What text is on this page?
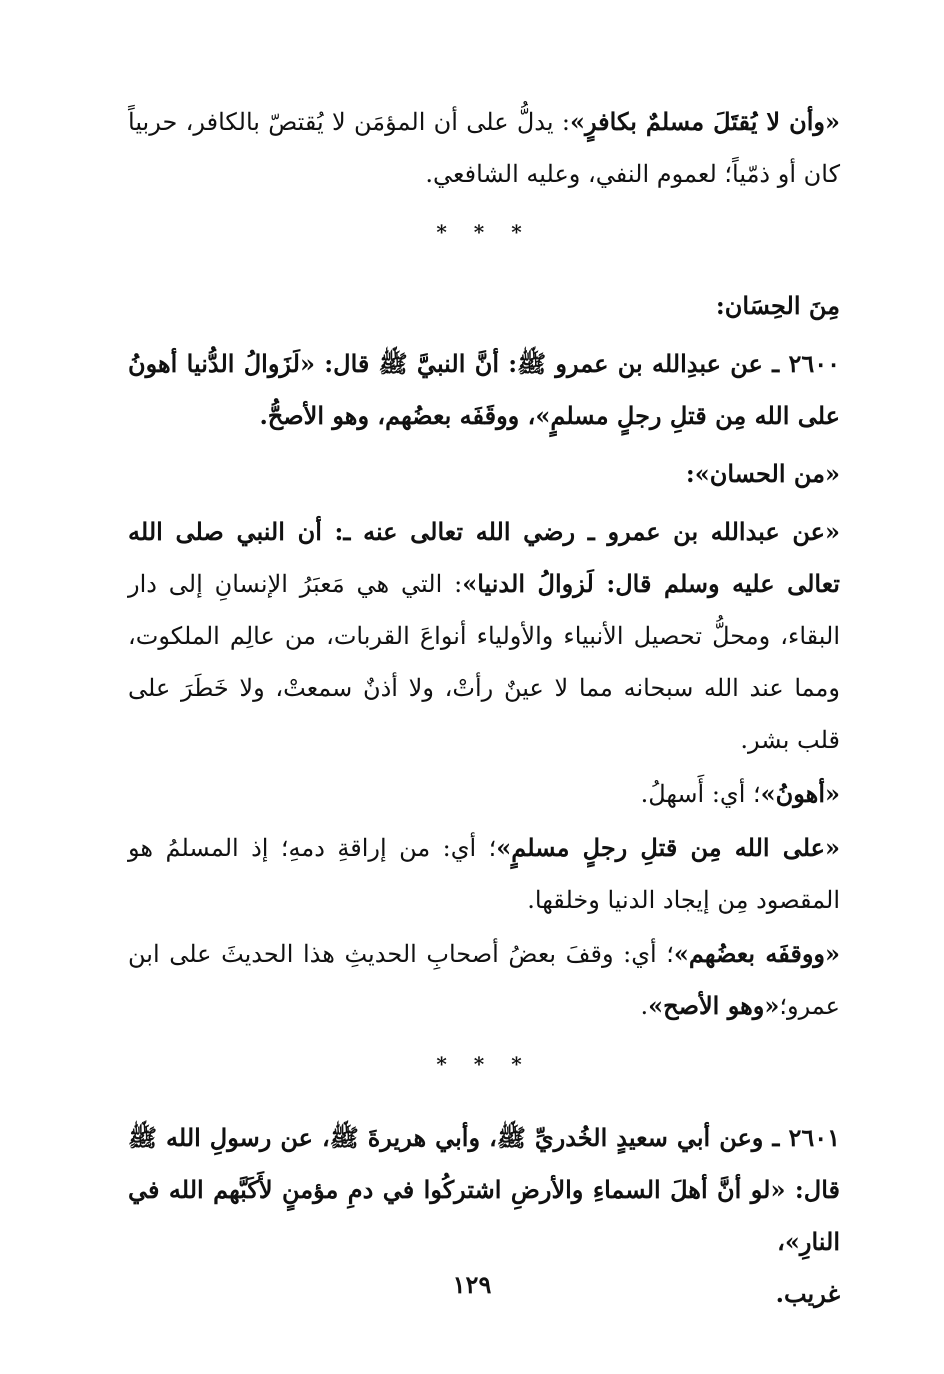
«وأن لا يُقتَلَ مسلمٌ بكافرٍ»: يدلُّ على أن المؤمَن لا يُقتصّ بالكافر، حربياً كان أو ذمّياً؛ لعموم النفي، وعليه الشافعي.

* * *

مِنَ الحِسَان:

٢٦٠٠ ـ عن عبدِالله بن عمرو ﷺ: أنَّ النبيَّ ﷺ قال: «لَزَوالُ الدُّنيا أهونُ على الله مِن قتلِ رجلٍ مسلمٍ»، ووقَفَه بعضُهم، وهو الأصحُّ.

«من الحسان»:

«عن عبدالله بن عمرو ـ رضي الله تعالى عنه ـ: أن النبي صلى الله تعالى عليه وسلم قال: لَزوالُ الدنيا»: التي هي مَعبَرُ الإنسانِ إلى دار البقاء، ومحلُّ تحصيل الأنبياء والأولياء أنواعَ القربات، من عالِم الملكوت، ومما عند الله سبحانه مما لا عينٌ رأتْ، ولا أذنٌ سمعتْ، ولا خَطَرَ على قلب بشر.

«أهونُ»؛ أي: أَسهلُ.

«على الله مِن قتلِ رجلٍ مسلمٍ»؛ أي: من إراقةِ دمهِ؛ إذ المسلمُ هو المقصود مِن إيجاد الدنيا وخلقها.

«ووقفَه بعضُهم»؛ أي: وقفَ بعضُ أصحابِ الحديثِ هذا الحديثَ على ابن عمرو؛«وهو الأصح».

* * *

٢٦٠١ ـ وعن أبي سعيدٍ الخُدريِّ ﷺ، وأبي هريرةَ ﷺ، عن رسولِ الله ﷺ قال: «لو أنَّ أهلَ السماءِ والأرضِ اشتركُوا في دمِ مؤمنٍ لأَكَبَّهم الله في النارِ»،

غريب.

١٢٩
